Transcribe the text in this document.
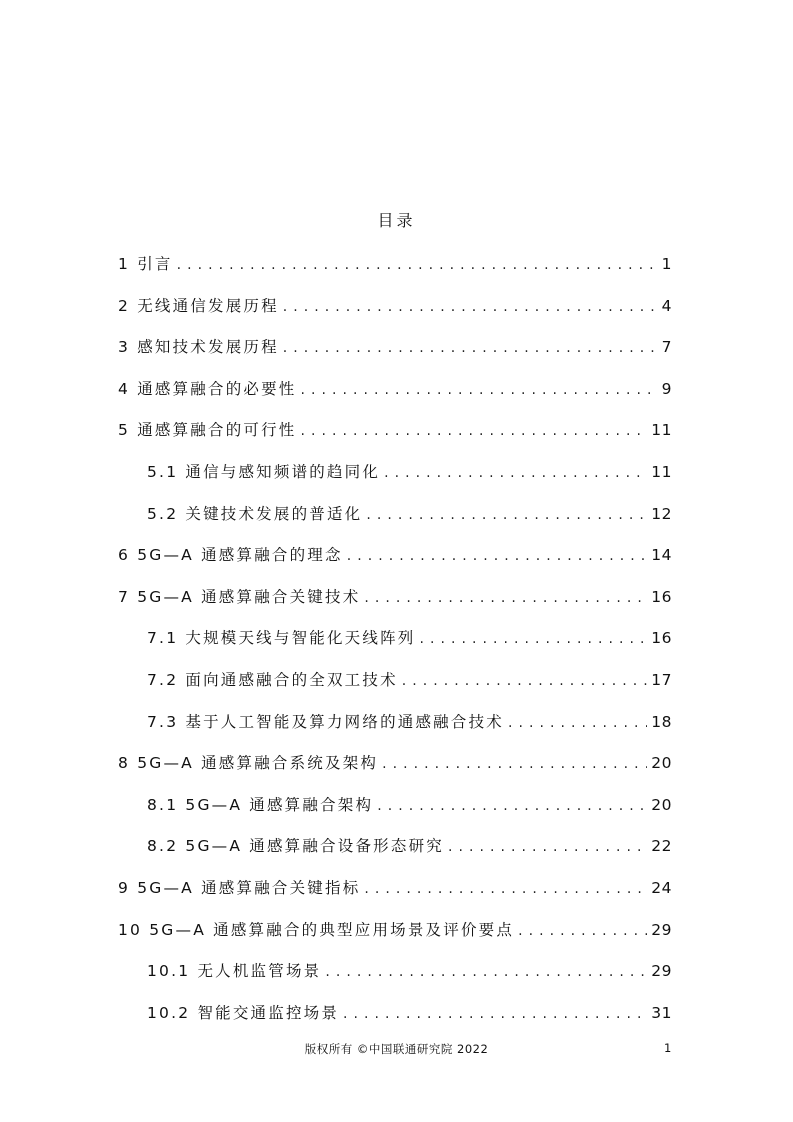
目录
1 引言 . . .	1
2 无线通信发展历程 . . .	4
3 感知技术发展历程 . . .	7
4 通感算融合的必要性 . . .	9
5 通感算融合的可行性 . . .	11
5.1 通信与感知频谱的趋同化 . . .	11
5.2 关键技术发展的普适化 . . .	12
6 5G—A 通感算融合的理念 . . .	14
7 5G—A 通感算融合关键技术 . . .	16
7.1 大规模天线与智能化天线阵列 . . .	16
7.2 面向通感融合的全双工技术 . . .	17
7.3 基于人工智能及算力网络的通感融合技术 . . .	18
8 5G—A 通感算融合系统及架构 . . .	20
8.1 5G—A 通感算融合架构 . . .	20
8.2 5G—A 通感算融合设备形态研究 . . .	22
9 5G—A 通感算融合关键指标 . . .	24
10 5G—A 通感算融合的典型应用场景及评价要点 . . .	29
10.1 无人机监管场景 . . .	29
10.2 智能交通监控场景 . . .	31
版权所有 ©中国联通研究院 2022	1
